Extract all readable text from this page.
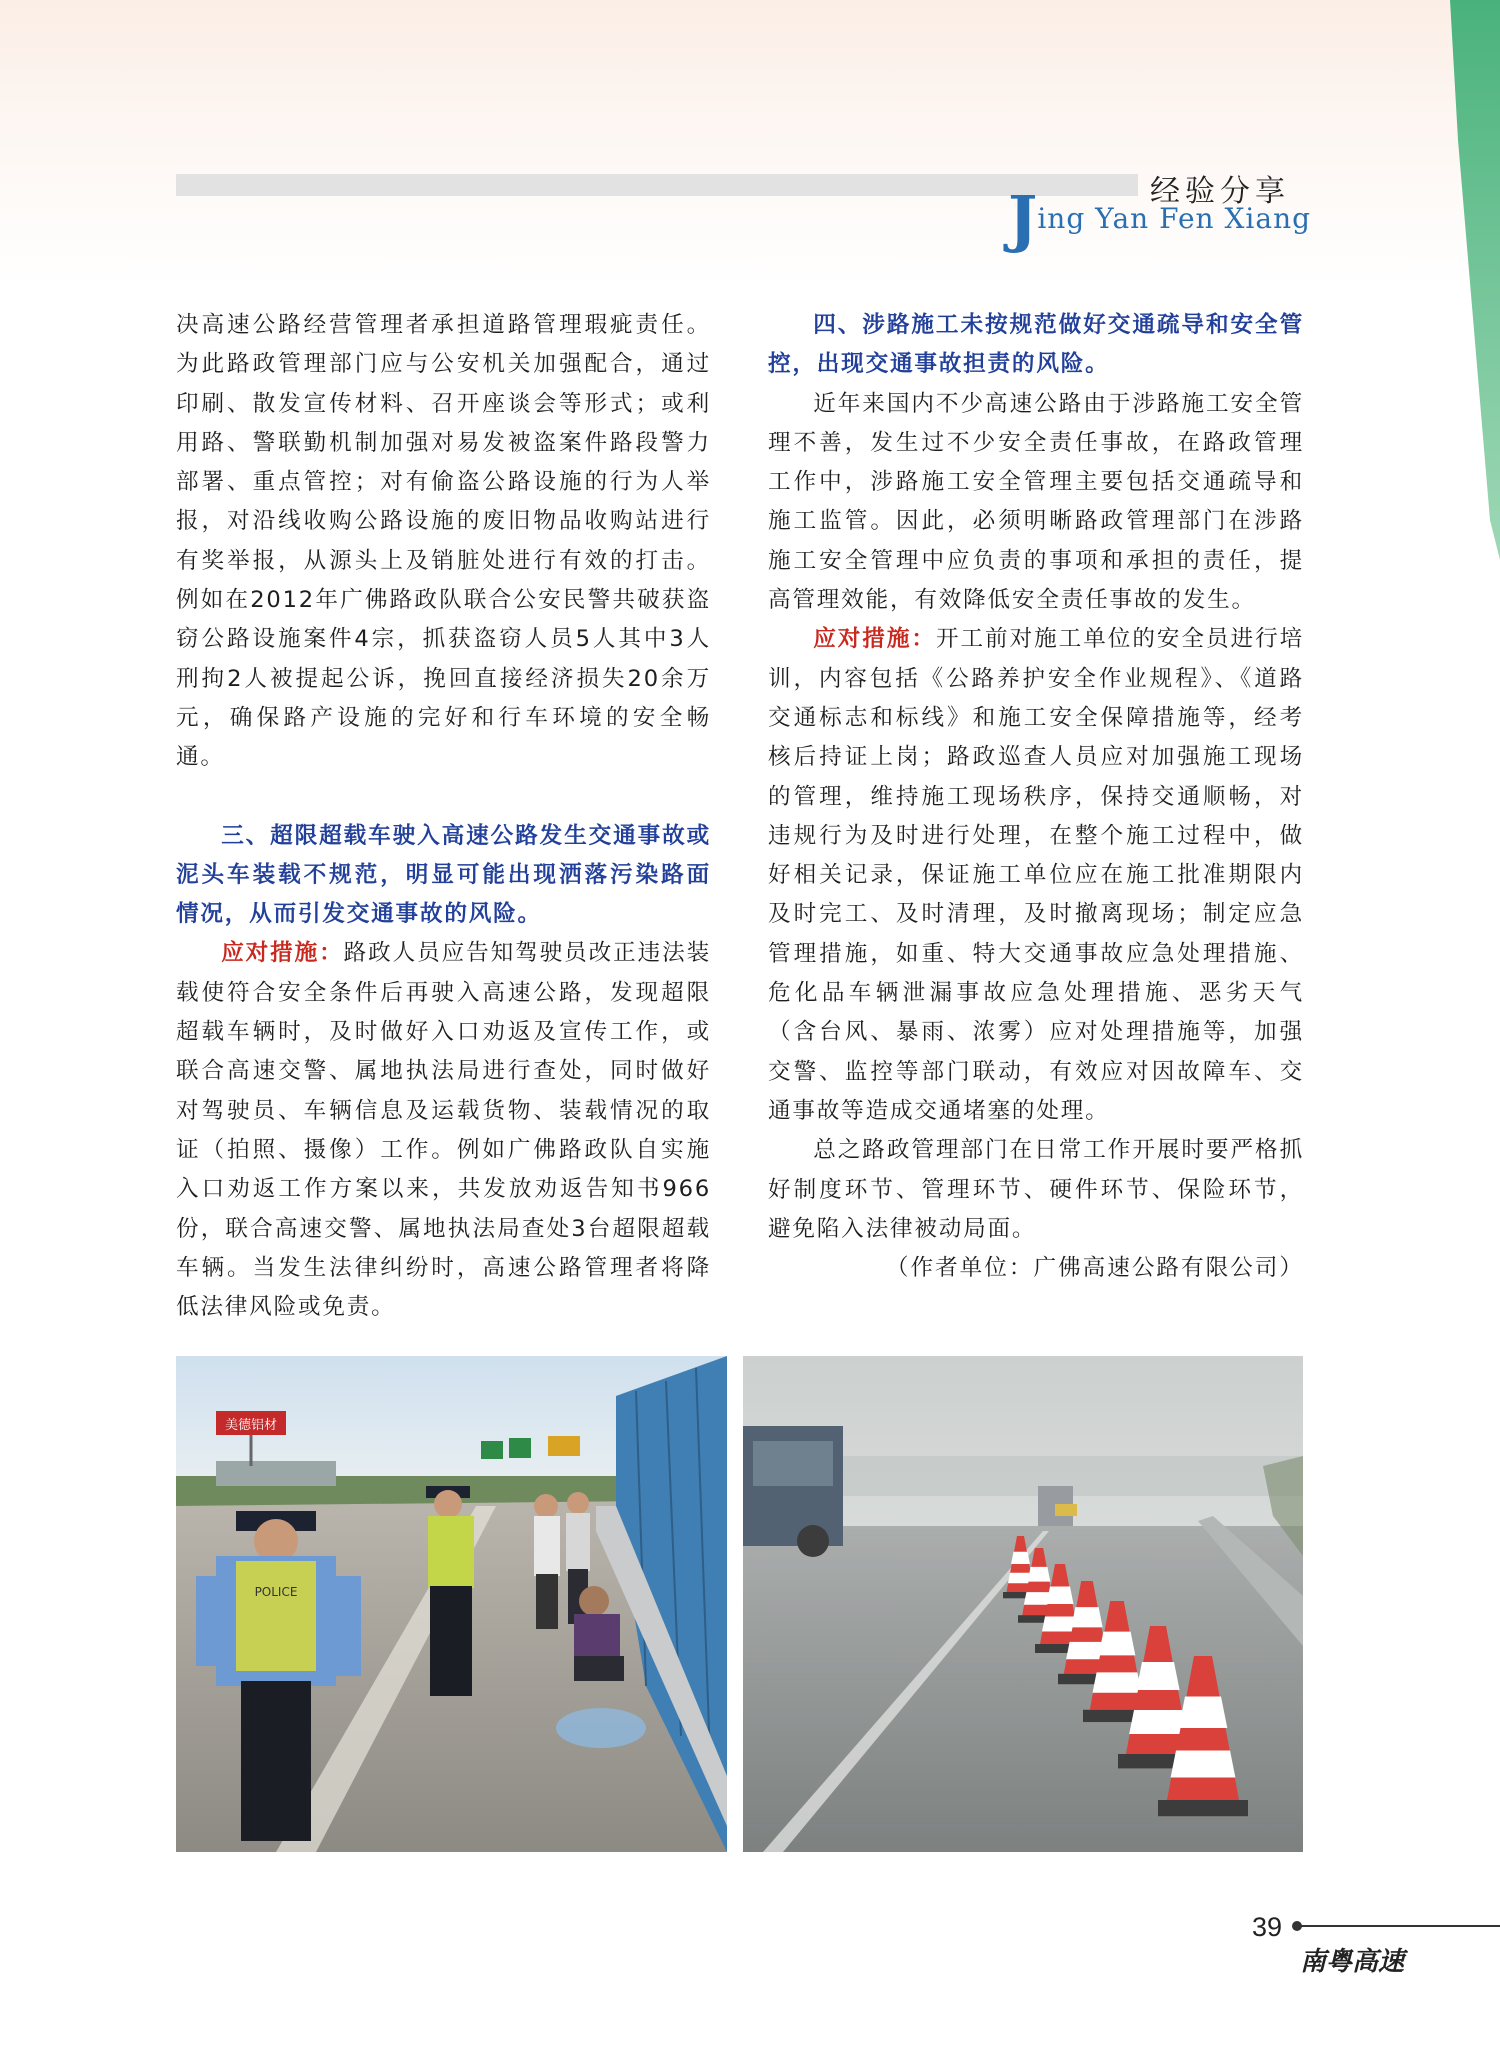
经验分享
Jing Yan Fen Xiang

决高速公路经营管理者承担道路管理瑕疵责任。为此路政管理部门应与公安机关加强配合，通过印刷、散发宣传材料、召开座谈会等形式；或利用路、警联勤机制加强对易发被盗案件路段警力部署、重点管控；对有偷盗公路设施的行为人举报，对沿线收购公路设施的废旧物品收购站进行有奖举报，从源头上及销脏处进行有效的打击。例如在2012年广佛路政队联合公安民警共破获盗窃公路设施案件4宗，抓获盗窃人员5人其中3人刑拘2人被提起公诉，挽回直接经济损失20余万元，确保路产设施的完好和行车环境的安全畅通。

三、超限超载车驶入高速公路发生交通事故或泥头车装载不规范，明显可能出现洒落污染路面情况，从而引发交通事故的风险。

应对措施：路政人员应告知驾驶员改正违法装载使符合安全条件后再驶入高速公路，发现超限超载车辆时，及时做好入口劝返及宣传工作，或联合高速交警、属地执法局进行查处，同时做好对驾驶员、车辆信息及运载货物、装载情况的取证（拍照、摄像）工作。例如广佛路政队自实施入口劝返工作方案以来，共发放劝返告知书966份，联合高速交警、属地执法局查处3台超限超载车辆。当发生法律纠纷时，高速公路管理者将降低法律风险或免责。

四、涉路施工未按规范做好交通疏导和安全管控，出现交通事故担责的风险。

近年来国内不少高速公路由于涉路施工安全管理不善，发生过不少安全责任事故，在路政管理工作中，涉路施工安全管理主要包括交通疏导和施工监管。因此，必须明晰路政管理部门在涉路施工安全管理中应负责的事项和承担的责任，提高管理效能，有效降低安全责任事故的发生。

应对措施：开工前对施工单位的安全员进行培训，内容包括《公路养护安全作业规程》、《道路交通标志和标线》和施工安全保障措施等，经考核后持证上岗；路政巡查人员应对加强施工现场的管理，维持施工现场秩序，保持交通顺畅，对违规行为及时进行处理，在整个施工过程中，做好相关记录，保证施工单位应在施工批准期限内及时完工、及时清理，及时撤离现场；制定应急管理措施，如重、特大交通事故应急处理措施、危化品车辆泄漏事故应急处理措施、恶劣天气（含台风、暴雨、浓雾）应对处理措施等，加强交警、监控等部门联动，有效应对因故障车、交通事故等造成交通堵塞的处理。

总之路政管理部门在日常工作开展时要严格抓好制度环节、管理环节、硬件环节、保险环节，避免陷入法律被动局面。

（作者单位：广佛高速公路有限公司）

美德铝材
POLICE
39
南粤高速
